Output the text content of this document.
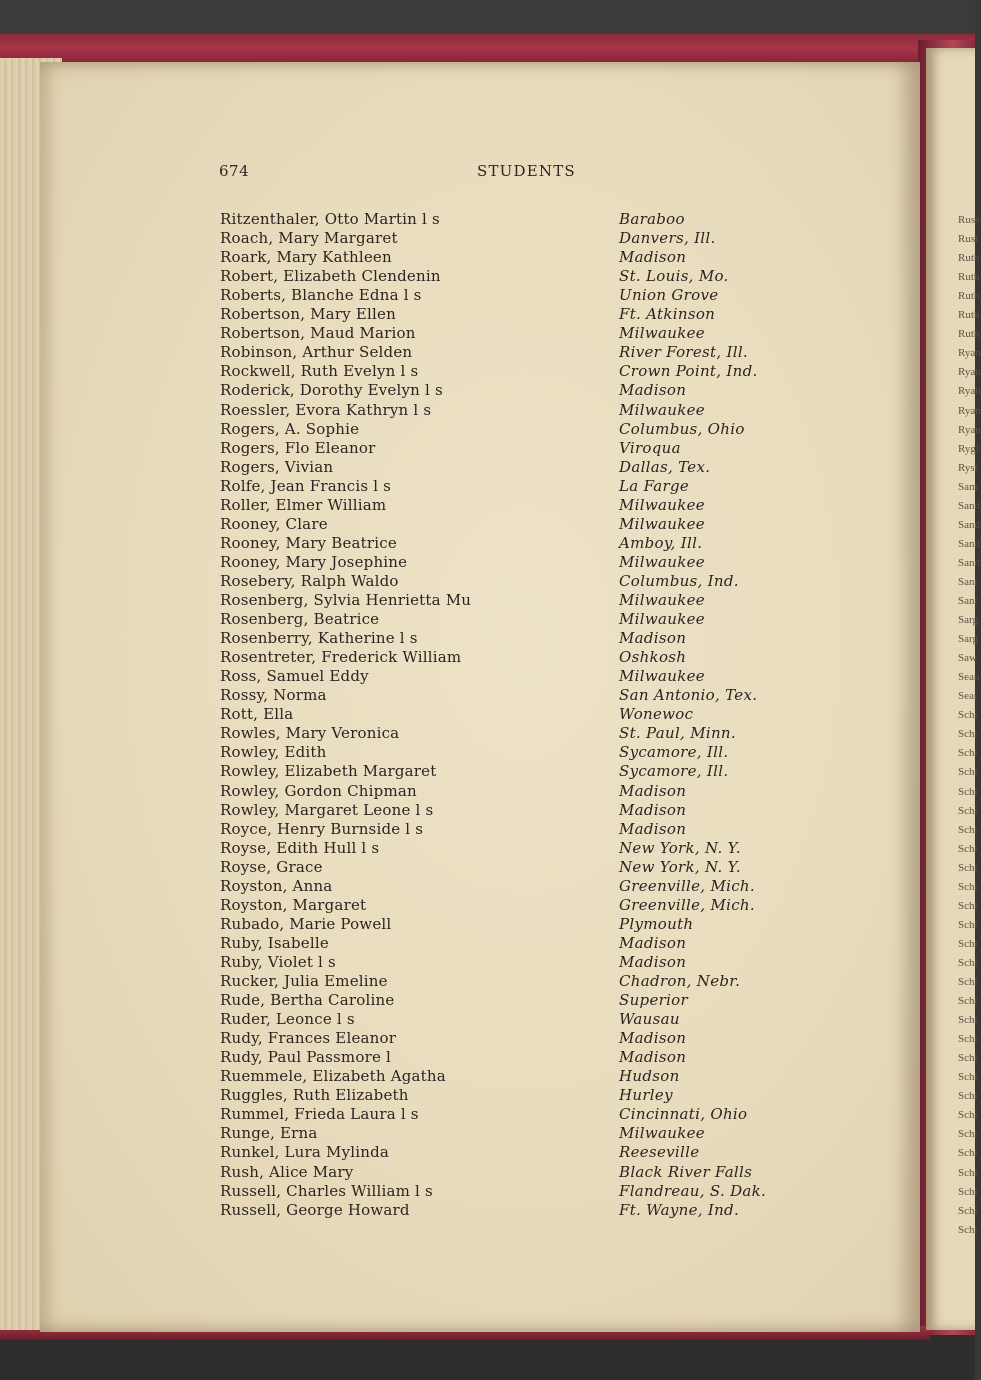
Russ
Rust
Ruth
Ruth
Ruth
Ruth
Ruth
Ryan
Ryan
Ryan
Ryan
Ryan
Rygl
Ryst
Sam
Sand
Sand
Sand
Sand
Sanr
Sanr
Sarg
Sarg
Saw
Sean
Sear
Schi
Schi
Schi
Schi
Schi
Schi
Schi
Schi
Schi
Schl
Schl
Schl
Schl
Schl
Schl
Schr
Schi
Schi
Schi
Schi
Schi
Schi
Schi
Schi
Schi
Schi
Schi
Schi
674	STUDENTS
Ritzenthaler, Otto Martin l s	Baraboo
Roach, Mary Margaret	Danvers, Ill.
Roark, Mary Kathleen	Madison
Robert, Elizabeth Clendenin	St. Louis, Mo.
Roberts, Blanche Edna l s	Union Grove
Robertson, Mary Ellen	Ft. Atkinson
Robertson, Maud Marion	Milwaukee
Robinson, Arthur Selden	River Forest, Ill.
Rockwell, Ruth Evelyn l s	Crown Point, Ind.
Roderick, Dorothy Evelyn l s	Madison
Roessler, Evora Kathryn l s	Milwaukee
Rogers, A. Sophie	Columbus, Ohio
Rogers, Flo Eleanor	Viroqua
Rogers, Vivian	Dallas, Tex.
Rolfe, Jean Francis l s	La Farge
Roller, Elmer William	Milwaukee
Rooney, Clare	Milwaukee
Rooney, Mary Beatrice	Amboy, Ill.
Rooney, Mary Josephine	Milwaukee
Rosebery, Ralph Waldo	Columbus, Ind.
Rosenberg, Sylvia Henrietta Mu	Milwaukee
Rosenberg, Beatrice	Milwaukee
Rosenberry, Katherine l s	Madison
Rosentreter, Frederick William	Oshkosh
Ross, Samuel Eddy	Milwaukee
Rossy, Norma	San Antonio, Tex.
Rott, Ella	Wonewoc
Rowles, Mary Veronica	St. Paul, Minn.
Rowley, Edith	Sycamore, Ill.
Rowley, Elizabeth Margaret	Sycamore, Ill.
Rowley, Gordon Chipman	Madison
Rowley, Margaret Leone l s	Madison
Royce, Henry Burnside l s	Madison
Royse, Edith Hull l s	New York, N. Y.
Royse, Grace	New York, N. Y.
Royston, Anna	Greenville, Mich.
Royston, Margaret	Greenville, Mich.
Rubado, Marie Powell	Plymouth
Ruby, Isabelle	Madison
Ruby, Violet l s	Madison
Rucker, Julia Emeline	Chadron, Nebr.
Rude, Bertha Caroline	Superior
Ruder, Leonce l s	Wausau
Rudy, Frances Eleanor	Madison
Rudy, Paul Passmore l	Madison
Ruemmele, Elizabeth Agatha	Hudson
Ruggles, Ruth Elizabeth	Hurley
Rummel, Frieda Laura l s	Cincinnati, Ohio
Runge, Erna	Milwaukee
Runkel, Lura Mylinda	Reeseville
Rush, Alice Mary	Black River Falls
Russell, Charles William l s	Flandreau, S. Dak.
Russell, George Howard	Ft. Wayne, Ind.
